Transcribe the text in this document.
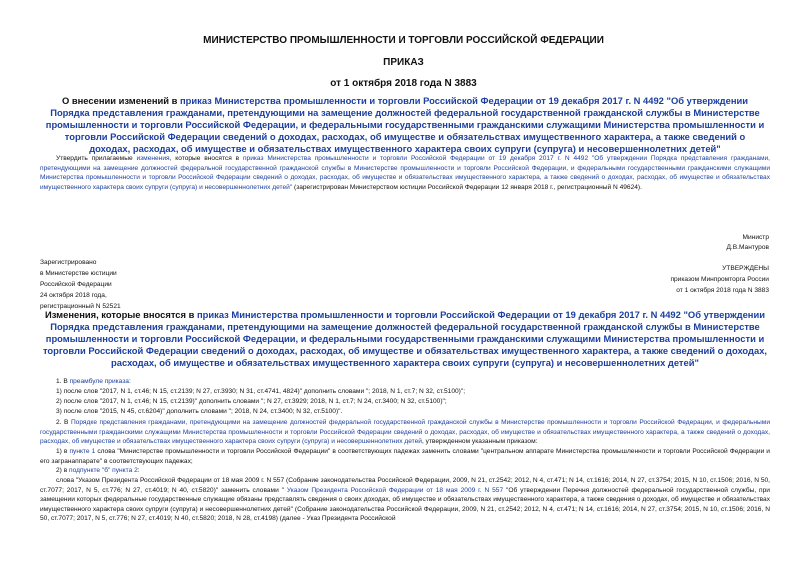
МИНИСТЕРСТВО ПРОМЫШЛЕННОСТИ И ТОРГОВЛИ РОССИЙСКОЙ ФЕДЕРАЦИИ
ПРИКАЗ
от 1 октября 2018 года N 3883
О внесении изменений в приказ Министерства промышленности и торговли Российской Федерации от 19 декабря 2017 г. N 4492 "Об утверждении Порядка представления гражданами, претендующими на замещение должностей федеральной государственной гражданской службы в Министерстве промышленности и торговли Российской Федерации, и федеральными государственными гражданскими служащими Министерства промышленности и торговли Российской Федерации сведений о доходах, расходах, об имуществе и обязательствах имущественного характера, а также сведений о доходах, расходах, об имуществе и обязательствах имущественного характера своих супруги (супруга) и несовершеннолетних детей"
Утвердить прилагаемые изменения, которые вносятся в приказ Министерства промышленности и торговли Российской Федерации от 19 декабря 2017 г. N 4492 "Об утверждении Порядка представления гражданами, претендующими на замещение должностей федеральной государственной гражданской службы в Министерстве промышленности и торговли Российской Федерации, и федеральными государственными гражданскими служащими Министерства промышленности и торговли Российской Федерации сведений о доходах, расходах, об имуществе и обязательствах имущественного характера, а также сведений о доходах, расходах, об имуществе и обязательствах имущественного характера своих супруги (супруга) и несовершеннолетних детей" (зарегистрирован Министерством юстиции Российской Федерации 12 января 2018 г., регистрационный N 49624).
Министр
Д.В.Мантуров
Зарегистрировано
в Министерстве юстиции
Российской Федерации
24 октября 2018 года,
регистрационный N 52521
УТВЕРЖДЕНЫ
приказом Минпромторга России
от 1 октября 2018 года N 3883
Изменения, которые вносятся в приказ Министерства промышленности и торговли Российской Федерации от 19 декабря 2017 г. N 4492 "Об утверждении Порядка представления гражданами, претендующими на замещение должностей федеральной государственной гражданской службы в Министерстве промышленности и торговли Российской Федерации, и федеральными государственными гражданскими служащими Министерства промышленности и торговли Российской Федерации сведений о доходах, расходах, об имуществе и обязательствах имущественного характера, а также сведений о доходах, расходах, об имуществе и обязательствах имущественного характера своих супруги (супруга) и несовершеннолетних детей"
1. В преамбуле приказа:
1) после слов "2017, N 1, ст.46; N 15, ст.2139; N 27, ст.3930; N 31, ст.4741, 4824)" дополнить словами "; 2018, N 1, ст.7; N 32, ст.5100)";
2) после слов "2017, N 1, ст.46; N 15, ст.2139)" дополнить словами "; N 27, ст.3929; 2018, N 1, ст.7; N 24, ст.3400; N 32, ст.5100)";
3) после слов "2015, N 45, ст.6204)" дополнить словами "; 2018, N 24, ст.3400; N 32, ст.5100)".
2. В Порядке представления гражданами, претендующими на замещение должностей федеральной государственной гражданской службы в Министерстве промышленности и торговли Российской Федерации, и федеральными государственными гражданскими служащими Министерства промышленности и торговли Российской Федерации сведений о доходах, расходах, об имуществе и обязательствах имущественного характера, а также сведений о доходах, расходах, об имуществе и обязательствах имущественного характера своих супруги (супруга) и несовершеннолетних детей, утвержденном указанным приказом:
1) в пункте 1 слова "Министерстве промышленности и торговли Российской Федерации" в соответствующих падежах заменить словами "центральном аппарате Министерства промышленности и торговли Российской Федерации и его загранаппарате" в соответствующих падежах;
2) в подпункте "б" пункта 2:
слова "Указом Президента Российской Федерации от 18 мая 2009 г. N 557 (Собрание законодательства Российской Федерации, 2009, N 21, ст.2542; 2012, N 4, ст.471; N 14, ст.1616; 2014, N 27, ст.3754; 2015, N 10, ст.1506; 2016, N 50, ст.7077; 2017, N 5, ст.776; N 27, ст.4019; N 40, ст.5820)" заменить словами " Указом Президента Российской Федерации от 18 мая 2009 г. N 557 "Об утверждении Перечня должностей федеральной государственной службы, при замещении которых федеральные государственные служащие обязаны представлять сведения о своих доходах, об имуществе и обязательствах имущественного характера, а также сведения о доходах, об имуществе и обязательствах имущественного характера своих супруги (супруга) и несовершеннолетних детей" (Собрание законодательства Российской Федерации, 2009, N 21, ст.2542; 2012, N 4, ст.471; N 14, ст.1616; 2014, N 27, ст.3754; 2015, N 10, ст.1506; 2016, N 50, ст.7077; 2017, N 5, ст.776; N 27, ст.4019; N 40, ст.5820; 2018, N 28, ст.4198) (далее - Указ Президента Российской
